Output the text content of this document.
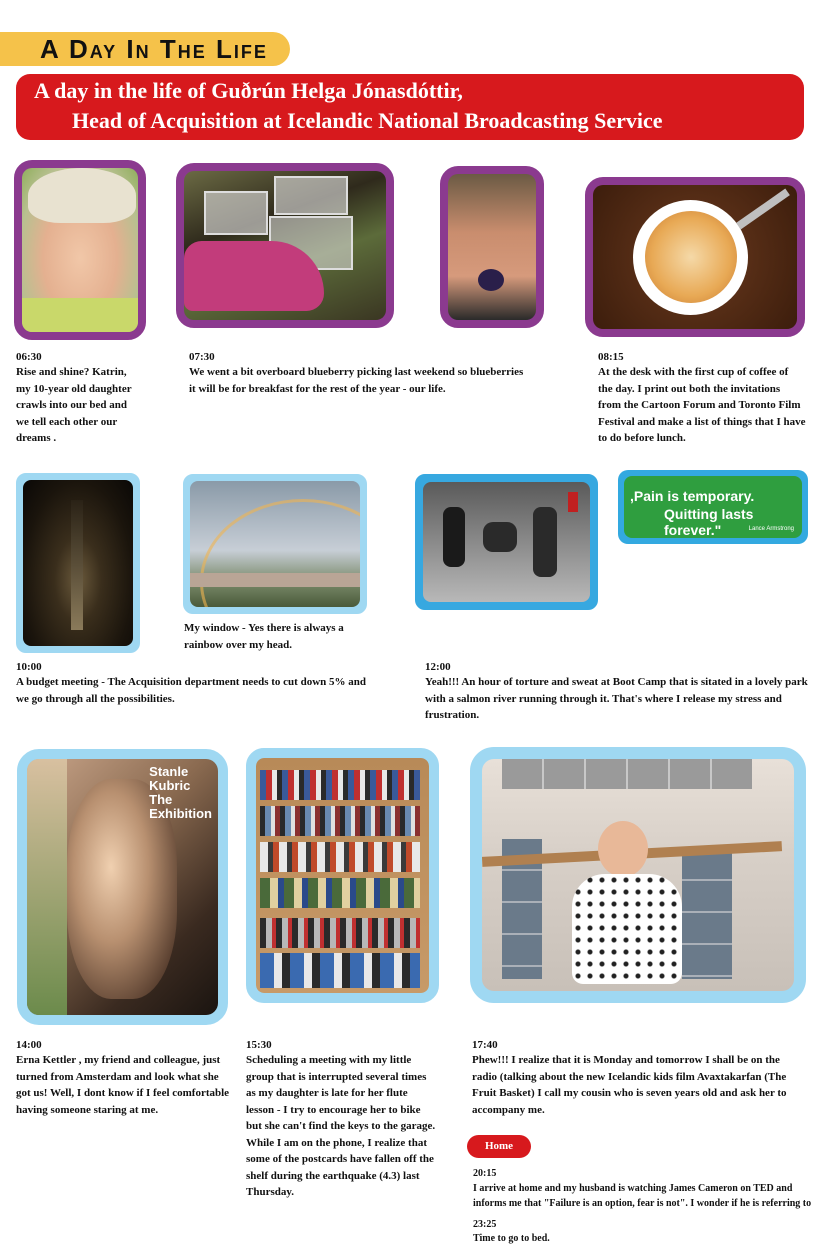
A Day In The Life
A day in the life of Guðrún Helga Jónasdóttir,
Head of Acquisition at Icelandic National Broadcasting Service
06:30
Rise and shine? Katrin,
my 10-year old daughter
crawls into our bed and
we tell each other our
dreams .
07:30
We went a bit overboard blueberry picking last weekend so blueberries
it will be for breakfast for the rest of the year - our life.
08:15
At the desk with the first cup of coffee of
the day. I print out both the invitations
from the Cartoon Forum and Toronto Film
Festival and make a list of things that I have
to do before lunch.
,Pain is temporary.
Quitting lasts forever."	Lance Armstrong
My window - Yes there is always a
rainbow over my head.
10:00
A budget meeting - The Acquisition department needs to cut down 5% and
we go through all the possibilities.
12:00
Yeah!!! An hour of torture and sweat at Boot Camp that is sitated in a lovely park
with a salmon river running through it. That's where I release my stress and
frustration.
Stanle
Kubric
The
Exhibition
14:00
Erna Kettler , my friend and colleague, just
turned from Amsterdam and look what she
got us! Well, I dont know if I feel comfortable
having someone staring at me.
15:30
Scheduling a meeting with my little
group that is interrupted several times
as my daughter is late for her flute
lesson - I try to encourage her to bike
but she can't find the keys to the garage.
While I am on the phone, I realize that
some of the postcards have fallen off the
shelf during the earthquake (4.3) last
Thursday.
17:40
Phew!!! I realize that it is Monday and tomorrow I shall be on the
radio (talking about the new Icelandic kids film Avaxtakarfan (The
Fruit Basket) I call my cousin who is seven years old and ask her to
accompany me.
Home
20:15
I arrive at home and my husband is watching James Cameron on TED and
informs me that "Failure is an option, fear is not". I wonder if he is referring to
23:25
Time to go to bed.
